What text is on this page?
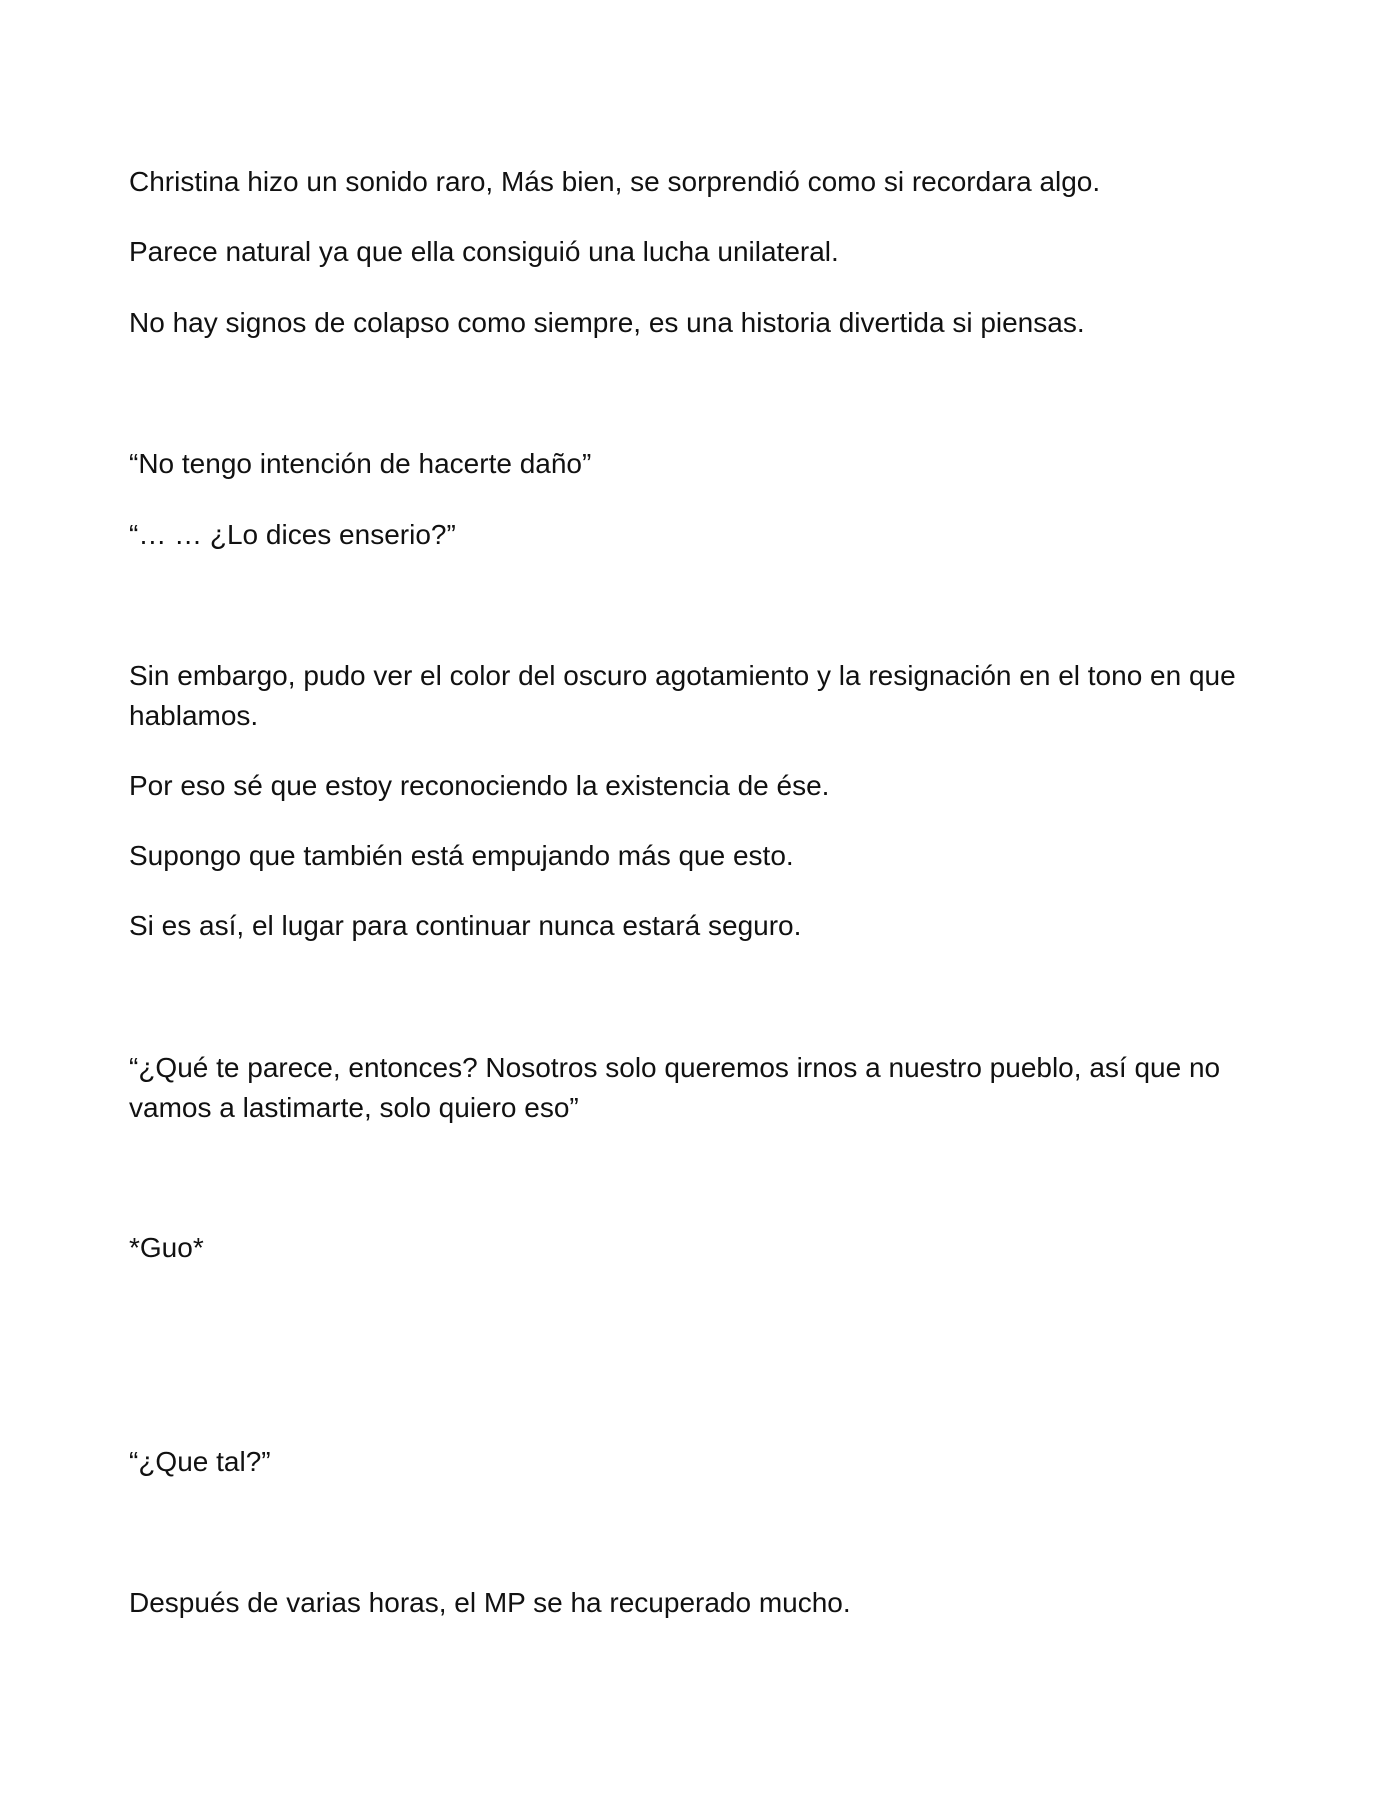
Christina hizo un sonido raro, Más bien, se sorprendió como si recordara algo.

Parece natural ya que ella consiguió una lucha unilateral.

No hay signos de colapso como siempre, es una historia divertida si piensas.

“No tengo intención de hacerte daño”

“… … ¿Lo dices enserio?”

Sin embargo, pudo ver el color del oscuro agotamiento y la resignación en el tono en que hablamos.

Por eso sé que estoy reconociendo la existencia de ése.

Supongo que también está empujando más que esto.

Si es así, el lugar para continuar nunca estará seguro.

“¿Qué te parece, entonces? Nosotros solo queremos irnos a nuestro pueblo, así que no vamos a lastimarte, solo quiero eso”

*Guo*

“¿Que tal?”

Después de varias horas, el MP se ha recuperado mucho.
